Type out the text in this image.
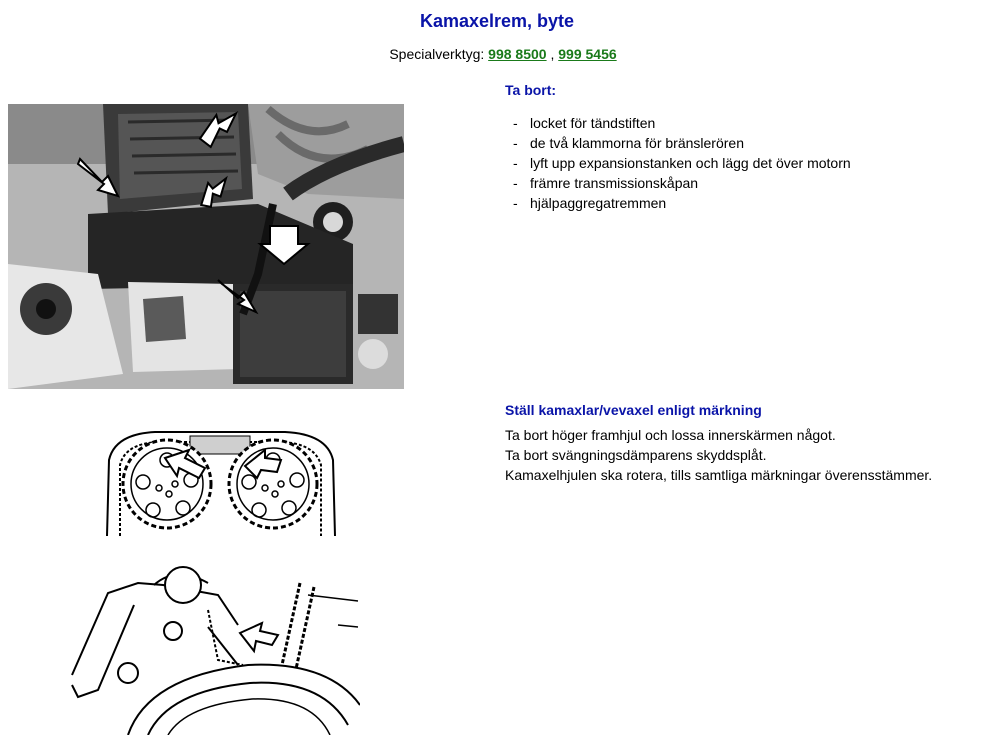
Kamaxelrem, byte
Specialverktyg: 998 8500 , 999 5456
Ta bort:
- locket för tändstiften
- de två klammorna för bränslerören
- lyft upp expansionstanken och lägg det över motorn
- främre transmissionskåpan
- hjälpaggregatremmen
Ställ kamaxlar/vevaxel enligt märkning
Ta bort höger framhjul och lossa innerskärmen något.
Ta bort svängningsdämparens skyddsplåt.
Kamaxelhjulen ska rotera, tills samtliga märkningar överensstämmer.
